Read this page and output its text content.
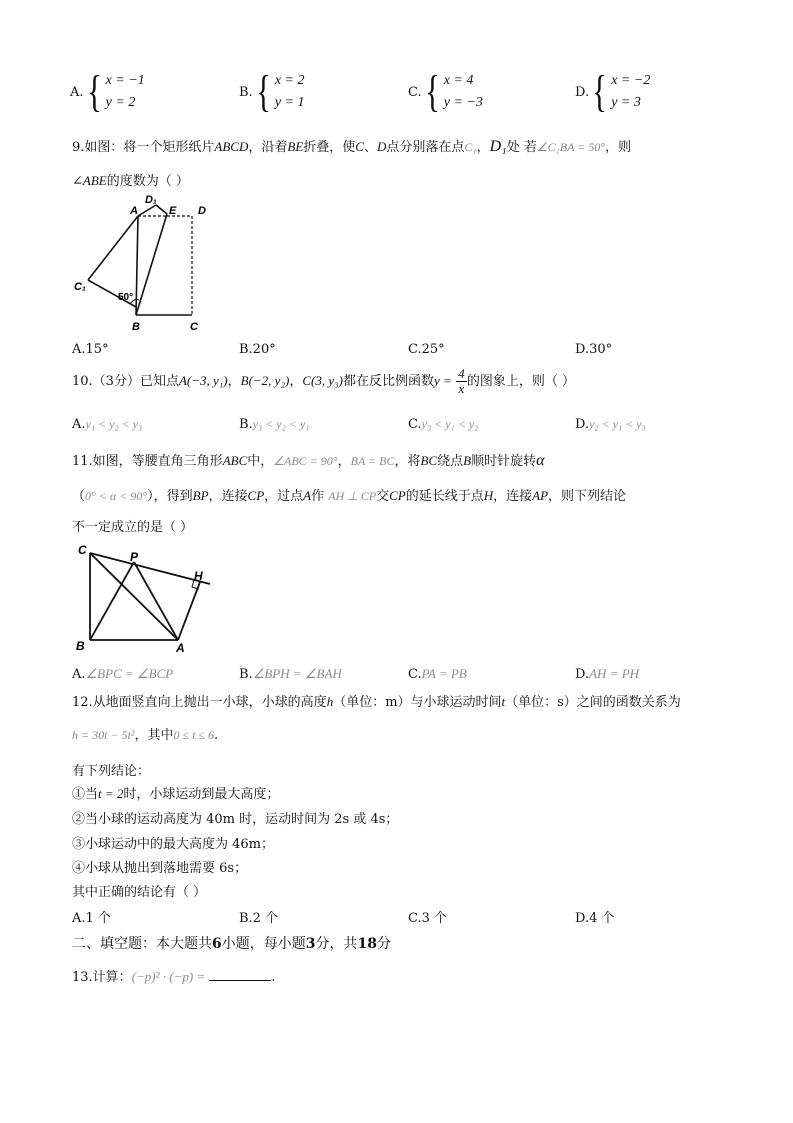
A. { x = −1
y = 2
B. { x = 2
y = 1
C. { x = 4
y = −3
D. { x = −2
y = 3
9.如图：将一个矩形纸片ABCD，沿着BE折叠，使C、D点分别落在点C₁，D₁处 若∠C₁BA = 50°，则
∠ABE的度数为（ ）
A
D₁
E D
C₁
50°
B	C
A.15°	B.20°	C.25°	D.30°
10.（3分）已知点A(−3, y₁)，B(−2, y₂)，C(3, y₃)都在反比例函数$y = \frac{4}{x}$ 的图象上，则（ ）
A.y₁ < y₂ < y₃	B.y₃ < y₂ < y₁	C.y₃ < y₁ < y₂	D.y₂ < y₁ < y₃
11.如图，等腰直角三角形ABC中，∠ABC = 90°，BA = BC，将BC绕点B顺时针旋转α
（0° < α < 90°），得到BP，连接CP，过点A作 AH ⊥ CP交CP的延长线于点H，连接AP，则下列结论
不一定成立的是（ ）
C	P
H
B	A
A.∠BPC = ∠BCP	B.∠BPH = ∠BAH	C.PA = PB	D.AH = PH
12.从地面竖直向上抛出一小球，小球的高度h（单位：m）与小球运动时间t（单位：s）之间的函数关系为
h = 30t − 5t²，其中0 ≤ t ≤ 6.
有下列结论：
①当t = 2时，小球运动到最大高度；
②当小球的运动高度为 40m 时，运动时间为 2s 或 4s；
③小球运动中的最大高度为 46m；
④小球从抛出到落地需要 6s；
其中正确的结论有（ ）
A.1 个	B.2 个	C.3 个	D.4 个
二、填空题：本大题共6小题，每小题3分，共18分
13.计算：(−p)² · (−p) =	.
